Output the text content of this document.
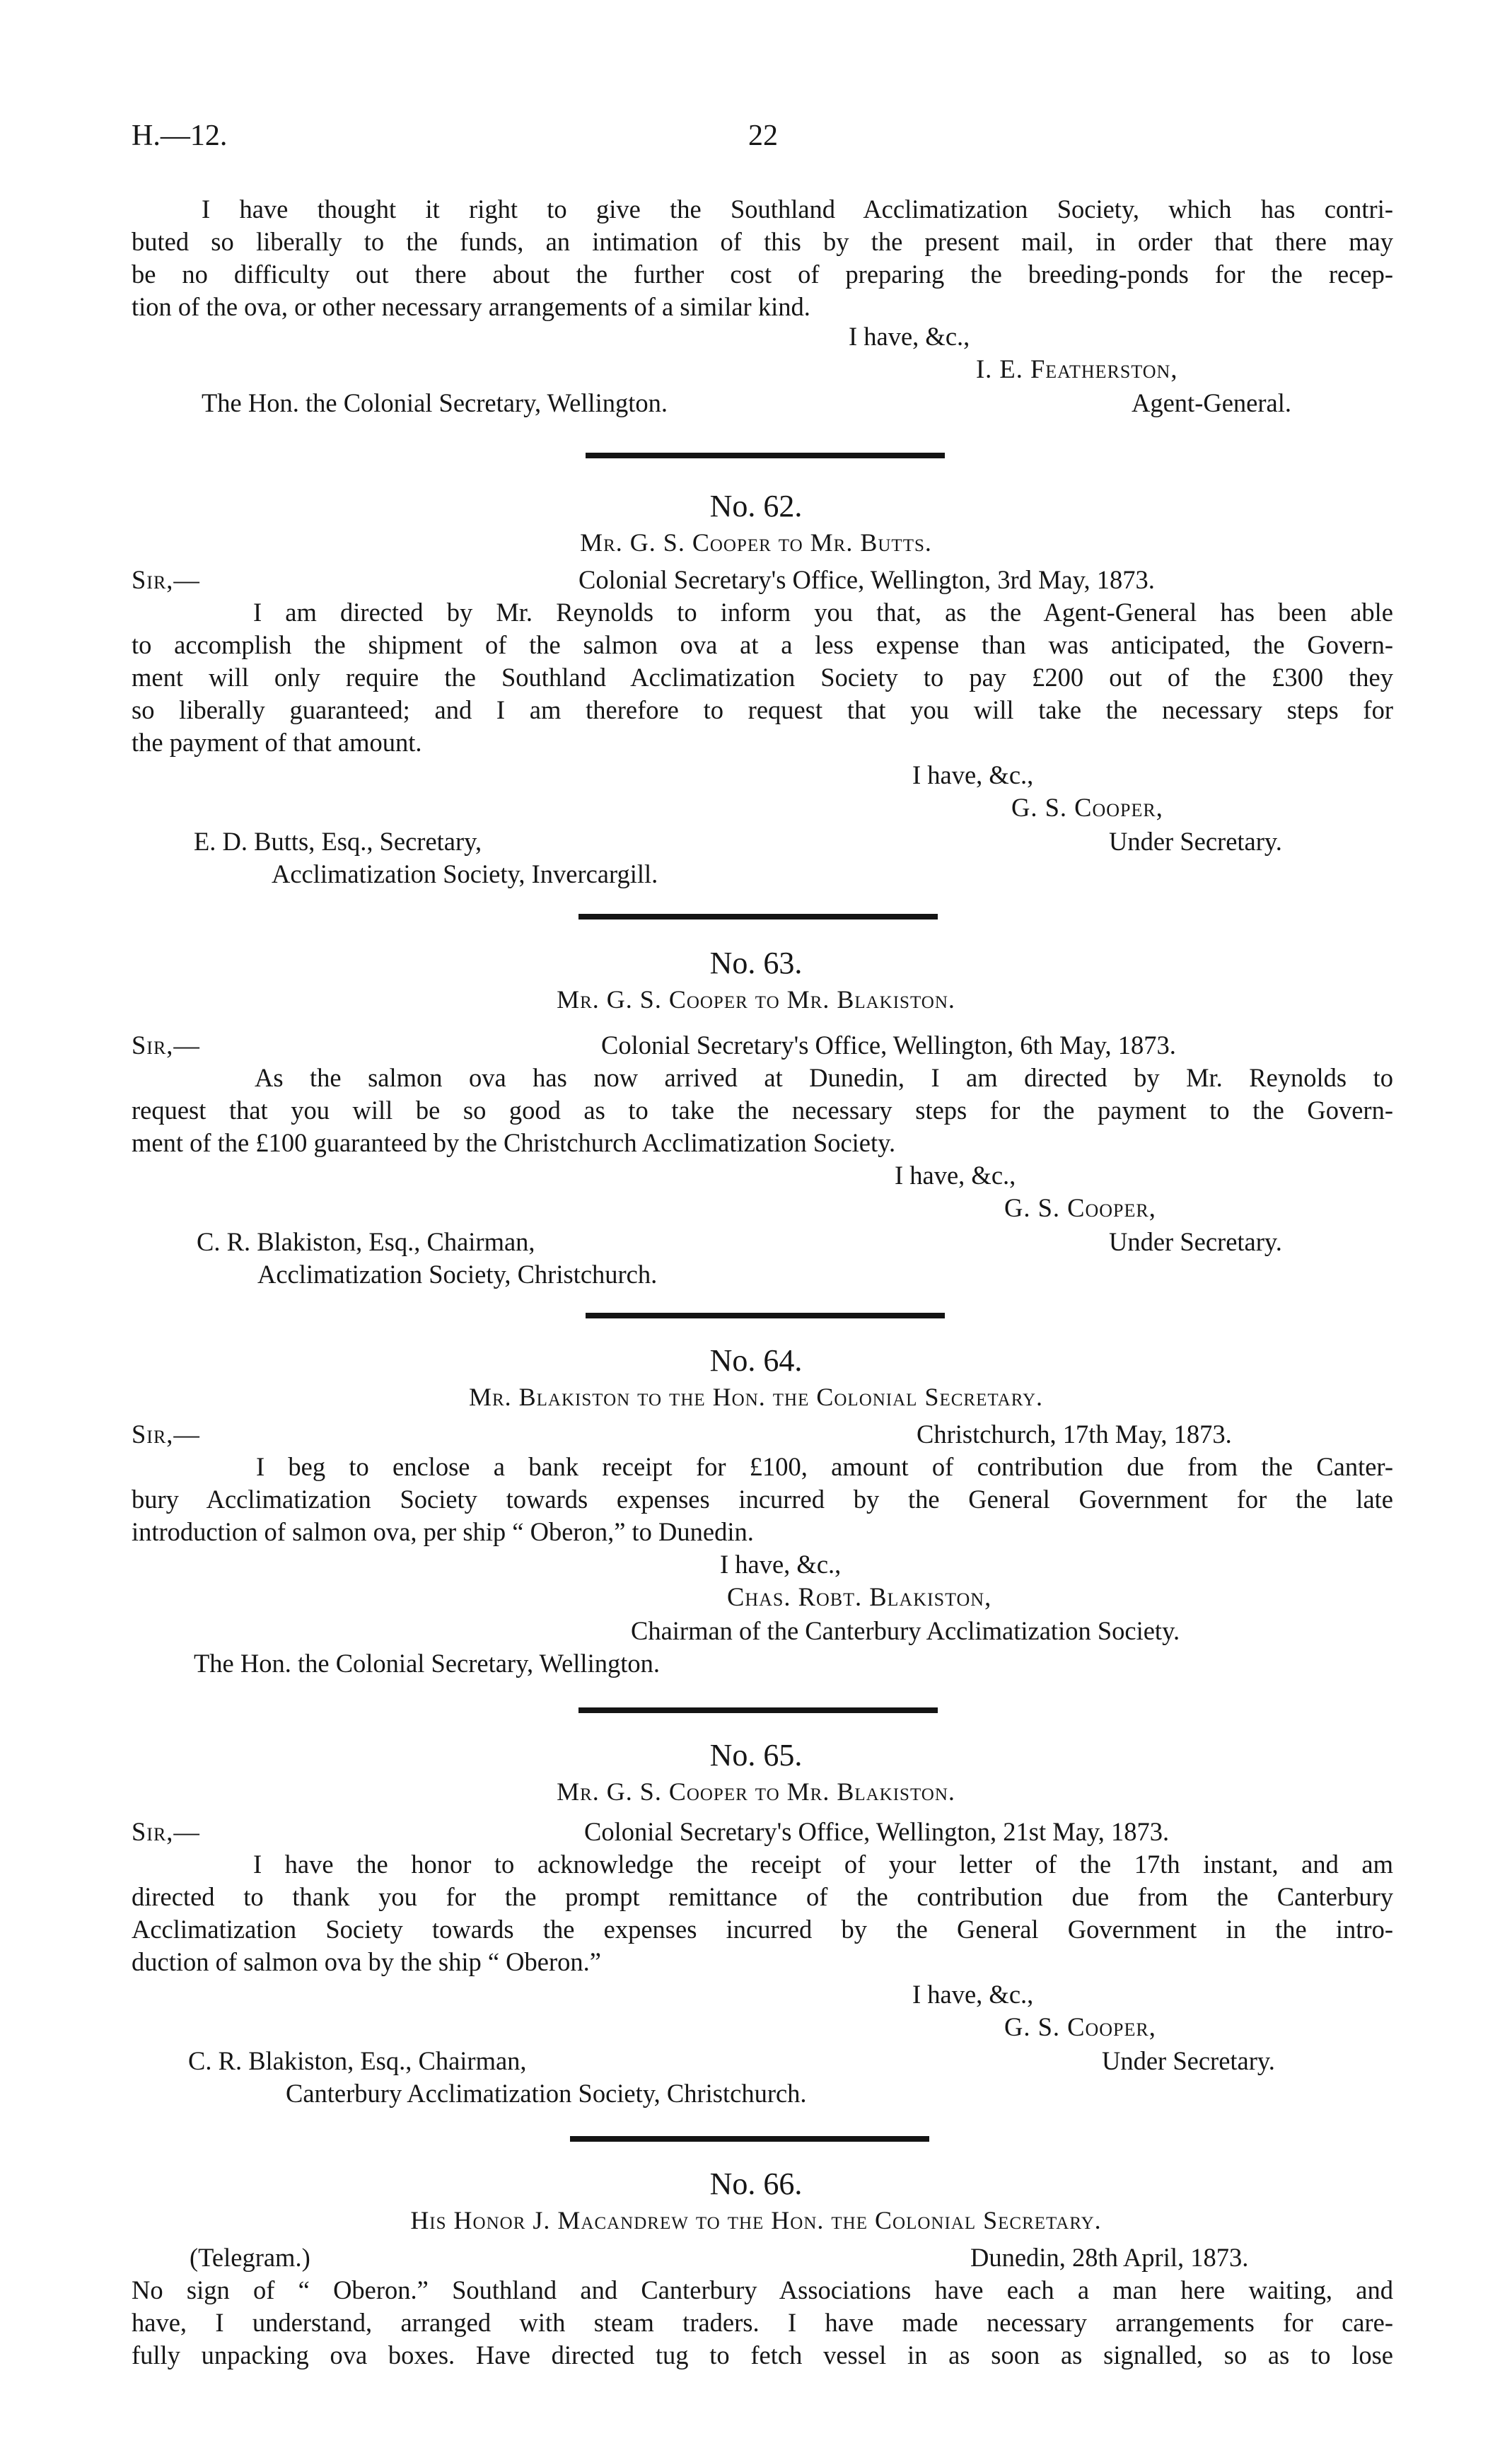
H.—12.	22
I have thought it right to give the Southland Acclimatization Society, which has contri-
buted so liberally to the funds, an intimation of this by the present mail, in order that there may
be no difficulty out there about the further cost of preparing the breeding-ponds for the recep-
tion of the ova, or other necessary arrangements of a similar kind.
I have, &c.,
I. E. Featherston,
The Hon. the Colonial Secretary, Wellington.	Agent-General.
No. 62.
Mr. G. S. Cooper to Mr. Butts.
Sir,—	Colonial Secretary's Office, Wellington, 3rd May, 1873.
I am directed by Mr. Reynolds to inform you that, as the Agent-General has been able
to accomplish the shipment of the salmon ova at a less expense than was anticipated, the Govern-
ment will only require the Southland Acclimatization Society to pay £200 out of the £300 they
so liberally guaranteed; and I am therefore to request that you will take the necessary steps for
the payment of that amount.
I have, &c.,
G. S. Cooper,
E. D. Butts, Esq., Secretary,	Under Secretary.
Acclimatization Society, Invercargill.
No. 63.
Mr. G. S. Cooper to Mr. Blakiston.
Sir,—	Colonial Secretary's Office, Wellington, 6th May, 1873.
As the salmon ova has now arrived at Dunedin, I am directed by Mr. Reynolds to
request that you will be so good as to take the necessary steps for the payment to the Govern-
ment of the £100 guaranteed by the Christchurch Acclimatization Society.
I have, &c.,
G. S. Cooper,
C. R. Blakiston, Esq., Chairman,	Under Secretary.
Acclimatization Society, Christchurch.
No. 64.
Mr. Blakiston to the Hon. the Colonial Secretary.
Sir,—	Christchurch, 17th May, 1873.
I beg to enclose a bank receipt for £100, amount of contribution due from the Canter-
bury Acclimatization Society towards expenses incurred by the General Government for the late
introduction of salmon ova, per ship “ Oberon,” to Dunedin.
I have, &c.,
Chas. Robt. Blakiston,
Chairman of the Canterbury Acclimatization Society.
The Hon. the Colonial Secretary, Wellington.
No. 65.
Mr. G. S. Cooper to Mr. Blakiston.
Sir,—	Colonial Secretary's Office, Wellington, 21st May, 1873.
I have the honor to acknowledge the receipt of your letter of the 17th instant, and am
directed to thank you for the prompt remittance of the contribution due from the Canterbury
Acclimatization Society towards the expenses incurred by the General Government in the intro-
duction of salmon ova by the ship “ Oberon.”
I have, &c.,
G. S. Cooper,
C. R. Blakiston, Esq., Chairman,	Under Secretary.
Canterbury Acclimatization Society, Christchurch.
No. 66.
His Honor J. Macandrew to the Hon. the Colonial Secretary.
(Telegram.)	Dunedin, 28th April, 1873.
No sign of “ Oberon.” Southland and Canterbury Associations have each a man here waiting, and
have, I understand, arranged with steam traders. I have made necessary arrangements for care-
fully unpacking ova boxes. Have directed tug to fetch vessel in as soon as signalled, so as to lose
